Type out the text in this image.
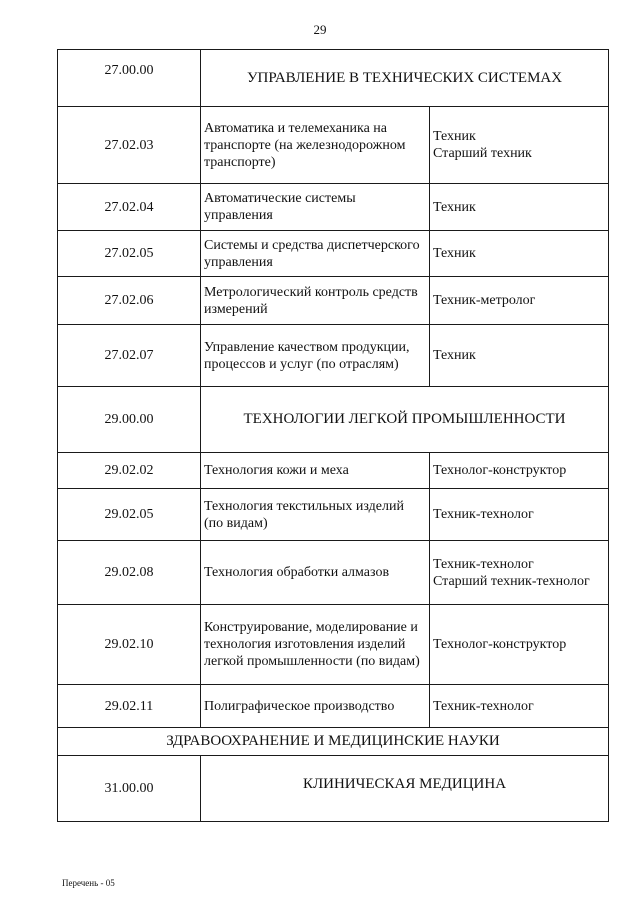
29
27.00.00	УПРАВЛЕНИЕ В ТЕХНИЧЕСКИХ СИСТЕМАХ	
27.02.03	Автоматика и телемеханика на транспорте (на железнодорожном транспорте)	Техник
Старший техник

27.02.04	Автоматические системы управления	Техник

27.02.05	Системы и средства диспетчерского управления	Техник

27.02.06	Метрологический контроль средств измерений	Техник-метролог

27.02.07	Управление качеством продукции, процессов и услуг (по отраслям)	Техник

29.00.00	ТЕХНОЛОГИИ ЛЕГКОЙ ПРОМЫШЛЕННОСТИ	
29.02.02	Технология кожи и меха	Технолог-конструктор

29.02.05	Технология текстильных изделий (по видам)	Техник-технолог

29.02.08	Технология обработки алмазов	Техник-технолог
Старший техник-технолог

29.02.10	Конструирование, моделирование и технология изготовления изделий легкой промышленности (по видам)	Технолог-конструктор

29.02.11	Полиграфическое производство	Техник-технолог

ЗДРАВООХРАНЕНИЕ И МЕДИЦИНСКИЕ НАУКИ		
31.00.00	КЛИНИЧЕСКАЯ МЕДИЦИНА	
Перечень - 05
